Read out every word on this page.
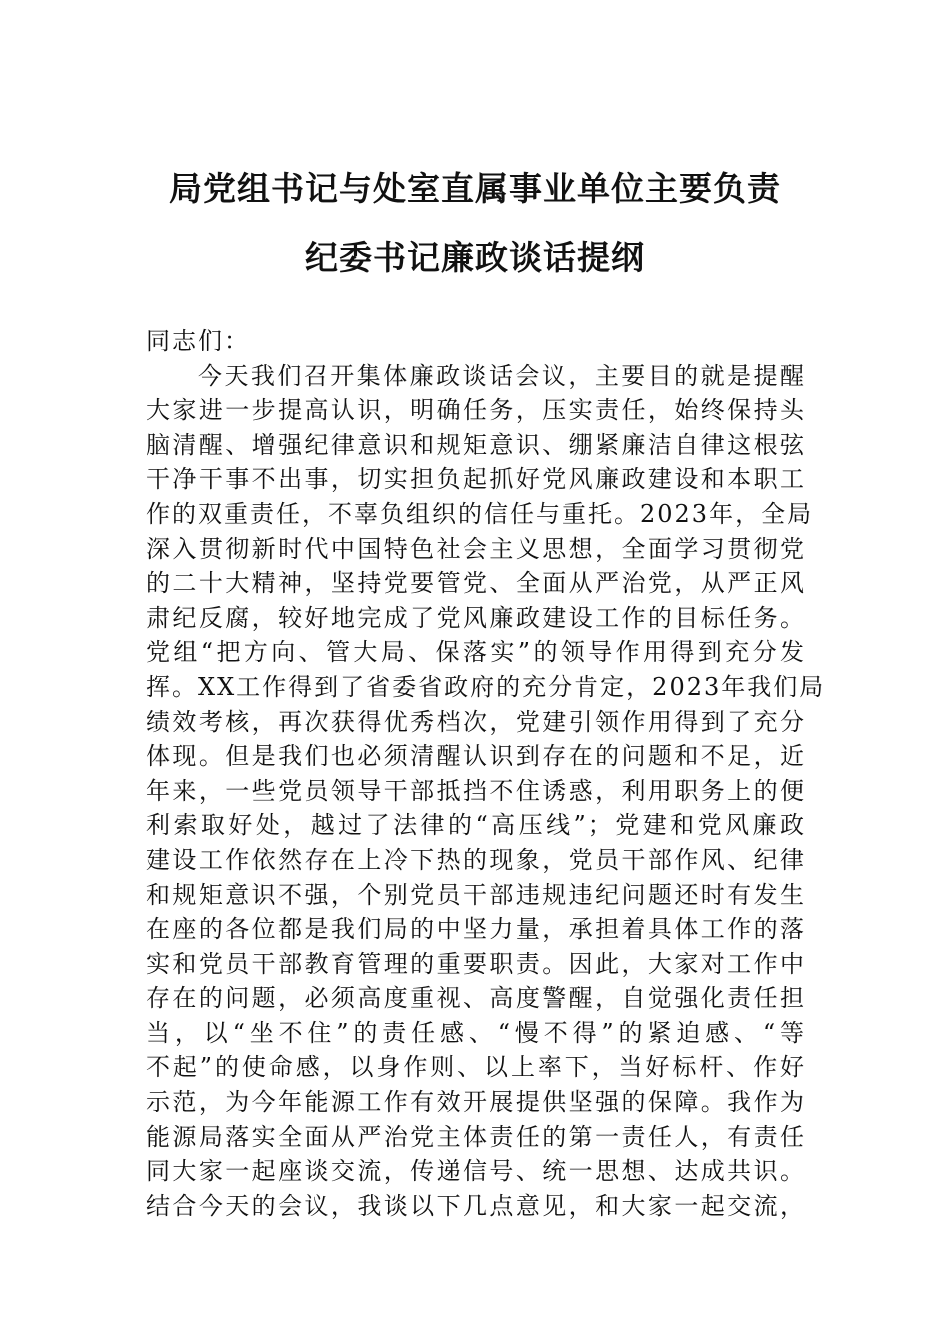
局党组书记与处室直属事业单位主要负责
纪委书记廉政谈话提纲
同志们：
今天我们召开集体廉政谈话会议，主要目的就是提醒
大家进一步提高认识，明确任务，压实责任，始终保持头
脑清醒、增强纪律意识和规矩意识、绷紧廉洁自律这根弦
干净干事不出事，切实担负起抓好党风廉政建设和本职工
作的双重责任，不辜负组织的信任与重托。2023年，全局
深入贯彻新时代中国特色社会主义思想，全面学习贯彻党
的二十大精神，坚持党要管党、全面从严治党，从严正风
肃纪反腐，较好地完成了党风廉政建设工作的目标任务。
党组“把方向、管大局、保落实”的领导作用得到充分发
挥。XX工作得到了省委省政府的充分肯定，2023年我们局
绩效考核，再次获得优秀档次，党建引领作用得到了充分
体现。但是我们也必须清醒认识到存在的问题和不足，近
年来，一些党员领导干部抵挡不住诱惑，利用职务上的便
利索取好处，越过了法律的“高压线”；党建和党风廉政
建设工作依然存在上冷下热的现象，党员干部作风、纪律
和规矩意识不强，个别党员干部违规违纪问题还时有发生
在座的各位都是我们局的中坚力量，承担着具体工作的落
实和党员干部教育管理的重要职责。因此，大家对工作中
存在的问题，必须高度重视、高度警醒，自觉强化责任担
当，以“坐不住”的责任感、“慢不得”的紧迫感、“等
不起”的使命感，以身作则、以上率下，当好标杆、作好
示范，为今年能源工作有效开展提供坚强的保障。我作为
能源局落实全面从严治党主体责任的第一责任人，有责任
同大家一起座谈交流，传递信号、统一思想、达成共识。
结合今天的会议，我谈以下几点意见，和大家一起交流，
